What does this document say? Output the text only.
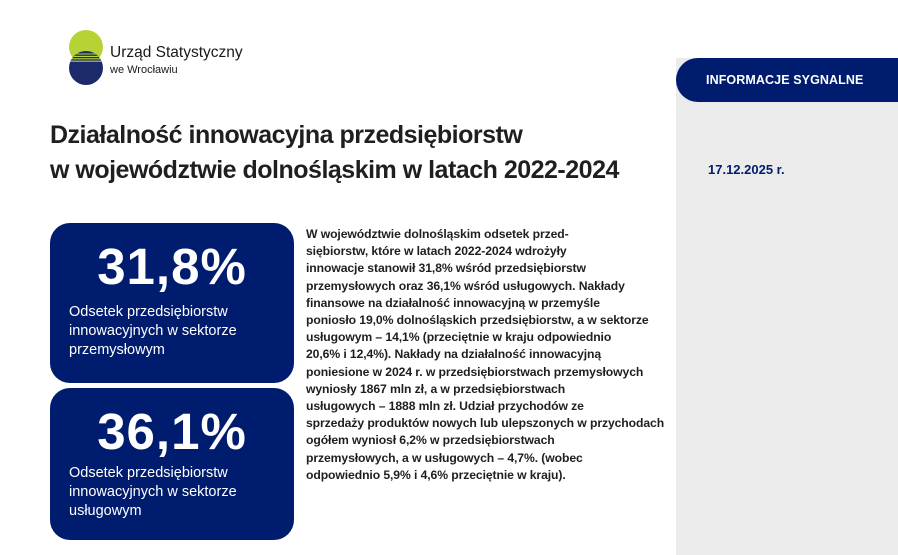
INFORMACJE SYGNALNE
17.12.2025 r.
Urząd Statystyczny
we Wrocławiu
Działalność innowacyjna przedsiębiorstw
w województwie dolnośląskim w latach 2022-2024
31,8%
Odsetek przedsiębiorstw
innowacyjnych w sektorze
przemysłowym
36,1%
Odsetek przedsiębiorstw
innowacyjnych w sektorze
usługowym

W województwie dolnośląskim odsetek przed-
siębiorstw, które w latach 2022-2024 wdrożyły
innowacje stanowił 31,8% wśród przedsiębiorstw
przemysłowych oraz 36,1% wśród usługowych. Nakłady
finansowe na działalność innowacyjną w przemyśle
poniosło 19,0% dolnośląskich przedsiębiorstw, a w sektorze
usługowym – 14,1% (przeciętnie w kraju odpowiednio
20,6% i 12,4%). Nakłady na działalność innowacyjną
poniesione w 2024 r. w przedsiębiorstwach przemysłowych
wyniosły 1867 mln zł, a w przedsiębiorstwach
usługowych – 1888 mln zł. Udział przychodów ze
sprzedaży produktów nowych lub ulepszonych w przychodach
ogółem wyniosł 6,2% w przedsiębiorstwach
przemysłowych, a w usługowych – 4,7%. (wobec
odpowiednio 5,9% i 4,6% przeciętnie w kraju).
